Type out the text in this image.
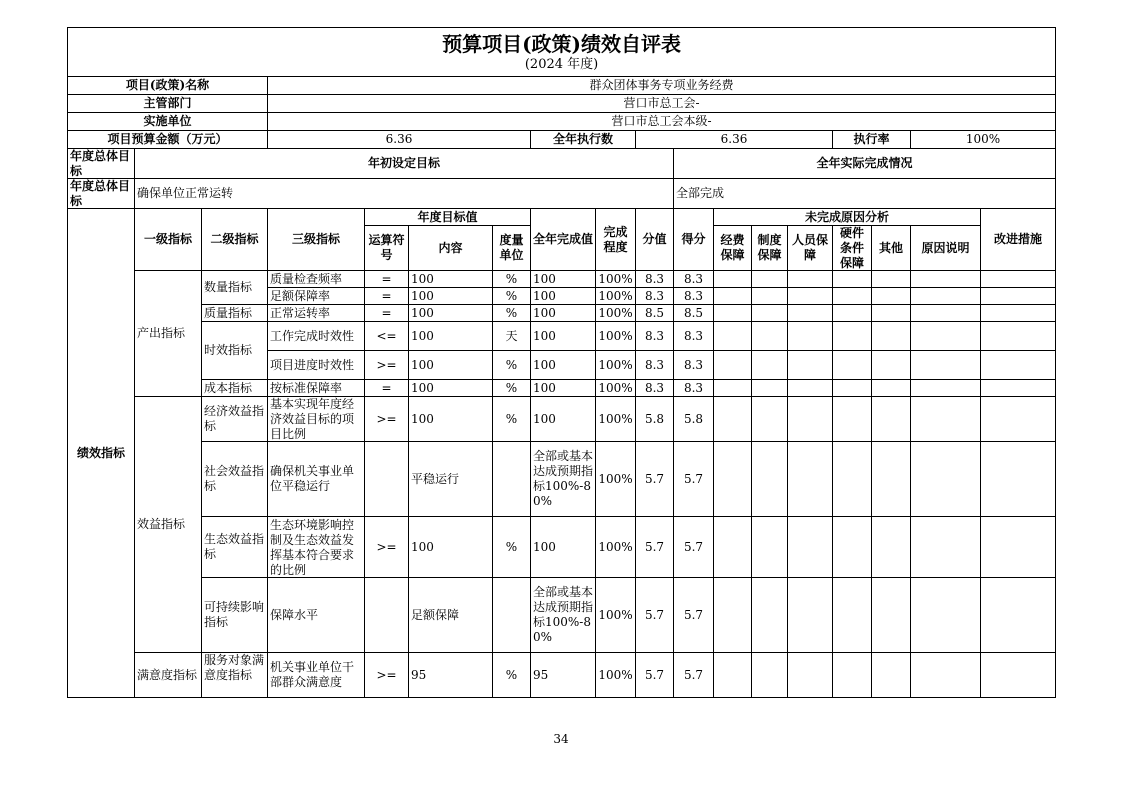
预算项目(政策)绩效自评表
(2024 年度)																	

项目(政策)名称			群众团体事务专项业务经费														
主管部门			营口市总工会-														
实施单位			营口市总工会本级-														
项目预算金额（万元）			6.36				全年执行数		6.36					执行率		100%	

年度总体目标	年初设定目标									全年实际完成情况							

年度总体目标	确保单位正常运转									全部完成							
绩效指标	一级指标	二级指标	三级指标	年度目标值			全年完成值	完成程度	分值	得分	未完成原因分析						改进措施
				运算符号	内容	度量单位					经费保障	制度保障	人员保障	硬件条件保障	其他	原因说明	

	产出指标	数量指标	质量检查频率	=	100	%	100	100%	8.3	8.3							
			足额保障率	=	100	%	100	100%	8.3	8.3							
		质量指标	正常运转率	=	100	%	100	100%	8.5	8.5							
		时效指标	工作完成时效性	<=	100	天	100	100%	8.3	8.3							
			项目进度时效性	>=	100	%	100	100%	8.3	8.3							
		成本指标	按标准保障率	=	100	%	100	100%	8.3	8.3							
	效益指标	经济效益指标	基本实现年度经济效益目标的项目比例	>=	100	%	100	100%	5.8	5.8							
		社会效益指标	确保机关事业单位平稳运行		平稳运行		全部或基本达成预期指标100%-80%	100%	5.7	5.7							
		生态效益指标	生态环境影响控制及生态效益发挥基本符合要求的比例	>=	100	%	100	100%	5.7	5.7							
		可持续影响指标	保障水平		足额保障		全部或基本达成预期指标100%-80%	100%	5.7	5.7							
	满意度指标	服务对象满意度指标	机关事业单位干部群众满意度	>=	95	%	95	100%	5.7	5.7							
34
